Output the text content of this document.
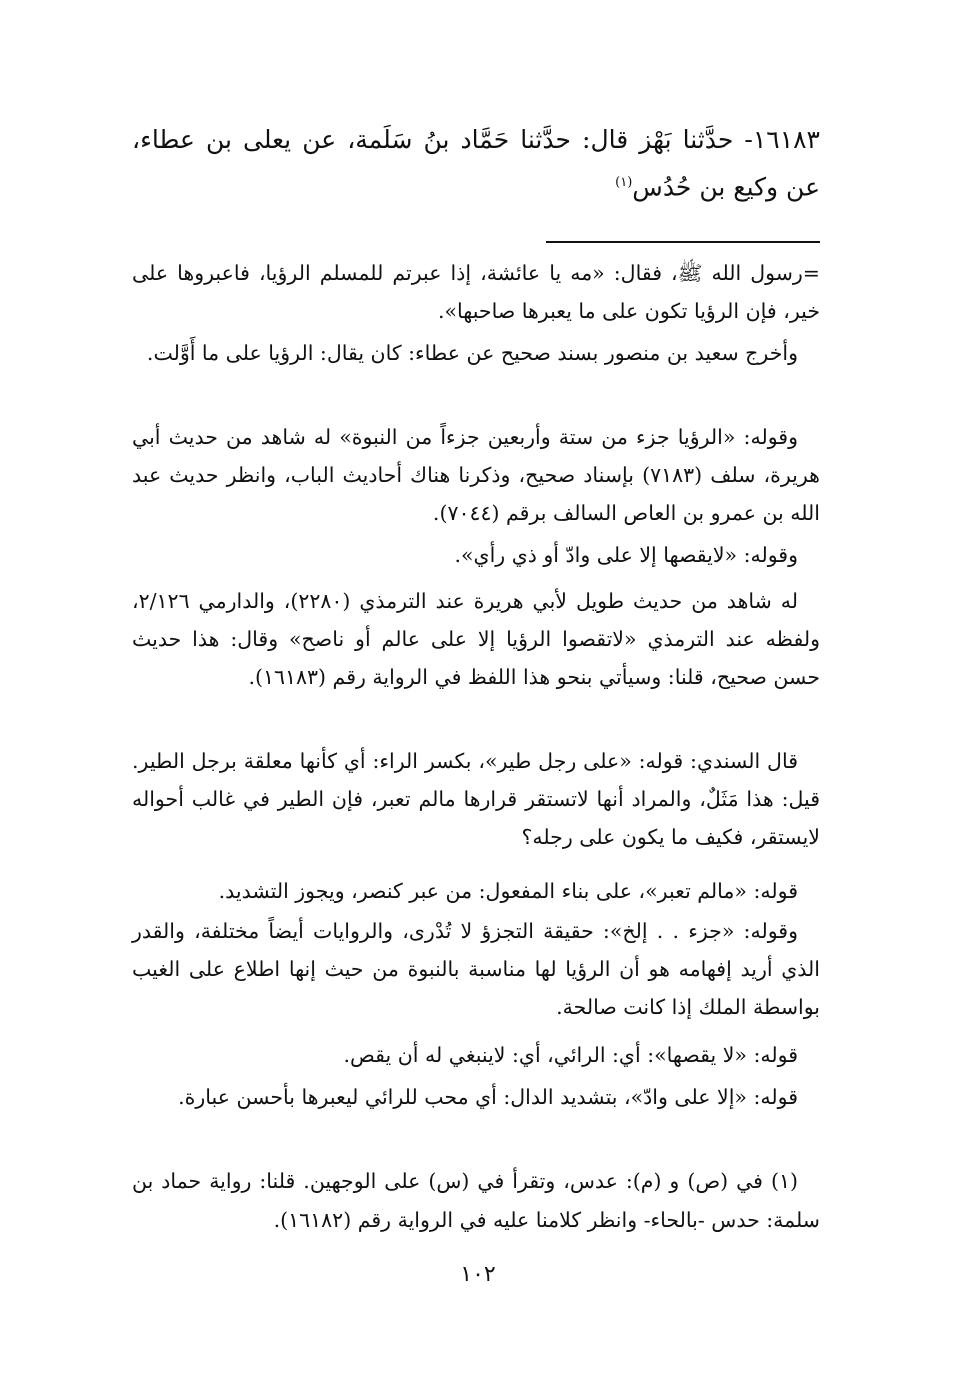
١٦١٨٣- حدَّثنا بَهْز قال: حدَّثنا حَمَّاد بنُ سَلَمة، عن يعلى بن عطاء، عن وكيع بن حُدُس$^{(١)}$
=رسول الله ﷺ، فقال: «مه يا عائشة، إذا عبرتم للمسلم الرؤيا، فاعبروها على خير، فإن الرؤيا تكون على ما يعبرها صاحبها».
وأخرج سعيد بن منصور بسند صحيح عن عطاء: كان يقال: الرؤيا على ما أَوَّلت.
وقوله: «الرؤيا جزء من ستة وأربعين جزءاً من النبوة» له شاهد من حديث أبي هريرة، سلف (٧١٨٣) بإسناد صحيح، وذكرنا هناك أحاديث الباب، وانظر حديث عبد الله بن عمرو بن العاص السالف برقم (٧٠٤٤).
وقوله: «لايقصها إلا على وادّ أو ذي رأي».
له شاهد من حديث طويل لأبي هريرة عند الترمذي (٢٢٨٠)، والدارمي ٢/١٢٦، ولفظه عند الترمذي «لاتقصوا الرؤيا إلا على عالم أو ناصح» وقال: هذا حديث حسن صحيح، قلنا: وسيأتي بنحو هذا اللفظ في الرواية رقم (١٦١٨٣).
قال السندي: قوله: «على رجل طير»، بكسر الراء: أي كأنها معلقة برجل الطير. قيل: هذا مَثَلٌ، والمراد أنها لاتستقر قرارها مالم تعبر، فإن الطير في غالب أحواله لايستقر، فكيف ما يكون على رجله؟
قوله: «مالم تعبر»، على بناء المفعول: من عبر كنصر، ويجوز التشديد.
وقوله: «جزء . . إلخ»: حقيقة التجزؤ لا تُدْرى، والروايات أيضاً مختلفة، والقدر الذي أريد إفهامه هو أن الرؤيا لها مناسبة بالنبوة من حيث إنها اطلاع على الغيب بواسطة الملك إذا كانت صالحة.
قوله: «لا يقصها»: أي: الرائي، أي: لاينبغي له أن يقص.
قوله: «إلا على وادّ»، بتشديد الدال: أي محب للرائي ليعبرها بأحسن عبارة.
(١) في (ص) و (م): عدس، وتقرأ في (س) على الوجهين. قلنا: رواية حماد بن سلمة: حدس -بالحاء- وانظر كلامنا عليه في الرواية رقم (١٦١٨٢).
١٠٢
